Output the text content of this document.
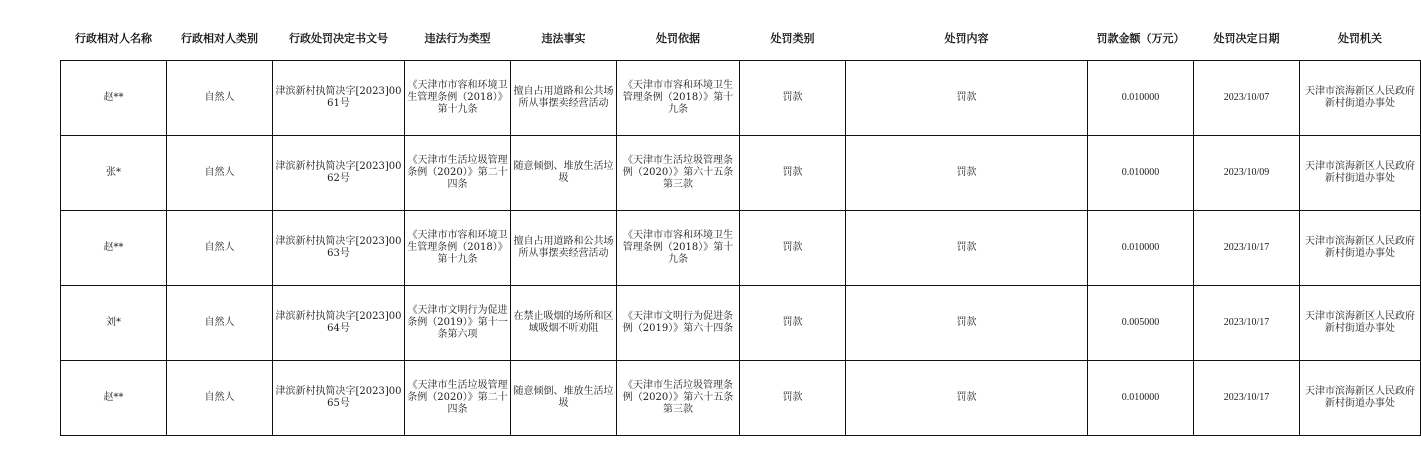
行政相对人名称	行政相对人类别	行政处罚决定书文号	违法行为类型	违法事实	处罚依据	处罚类别	处罚内容	罚款金额（万元）	处罚决定日期	处罚机关

赵**	自然人	津滨新村执简决字[2023]0061号	《天津市市容和环境卫生管理条例（2018）》第十九条	擅自占用道路和公共场所从事摆卖经营活动	《天津市市容和环境卫生管理条例（2018）》第十九条	罚款	罚款	0.010000	2023/10/07	天津市滨海新区人民政府新村街道办事处
张*	自然人	津滨新村执简决字[2023]0062号	《天津市生活垃圾管理条例（2020）》第二十四条	随意倾倒、堆放生活垃圾	《天津市生活垃圾管理条例（2020）》第六十五条第三款	罚款	罚款	0.010000	2023/10/09	天津市滨海新区人民政府新村街道办事处
赵**	自然人	津滨新村执简决字[2023]0063号	《天津市市容和环境卫生管理条例（2018）》第十九条	擅自占用道路和公共场所从事摆卖经营活动	《天津市市容和环境卫生管理条例（2018）》第十九条	罚款	罚款	0.010000	2023/10/17	天津市滨海新区人民政府新村街道办事处
刘*	自然人	津滨新村执简决字[2023]0064号	《天津市文明行为促进条例（2019）》第十一条第六项	在禁止吸烟的场所和区域吸烟不听劝阻	《天津市文明行为促进条例（2019）》第六十四条	罚款	罚款	0.005000	2023/10/17	天津市滨海新区人民政府新村街道办事处
赵**	自然人	津滨新村执简决字[2023]0065号	《天津市生活垃圾管理条例（2020）》第二十四条	随意倾倒、堆放生活垃圾	《天津市生活垃圾管理条例（2020）》第六十五条第三款	罚款	罚款	0.010000	2023/10/17	天津市滨海新区人民政府新村街道办事处
